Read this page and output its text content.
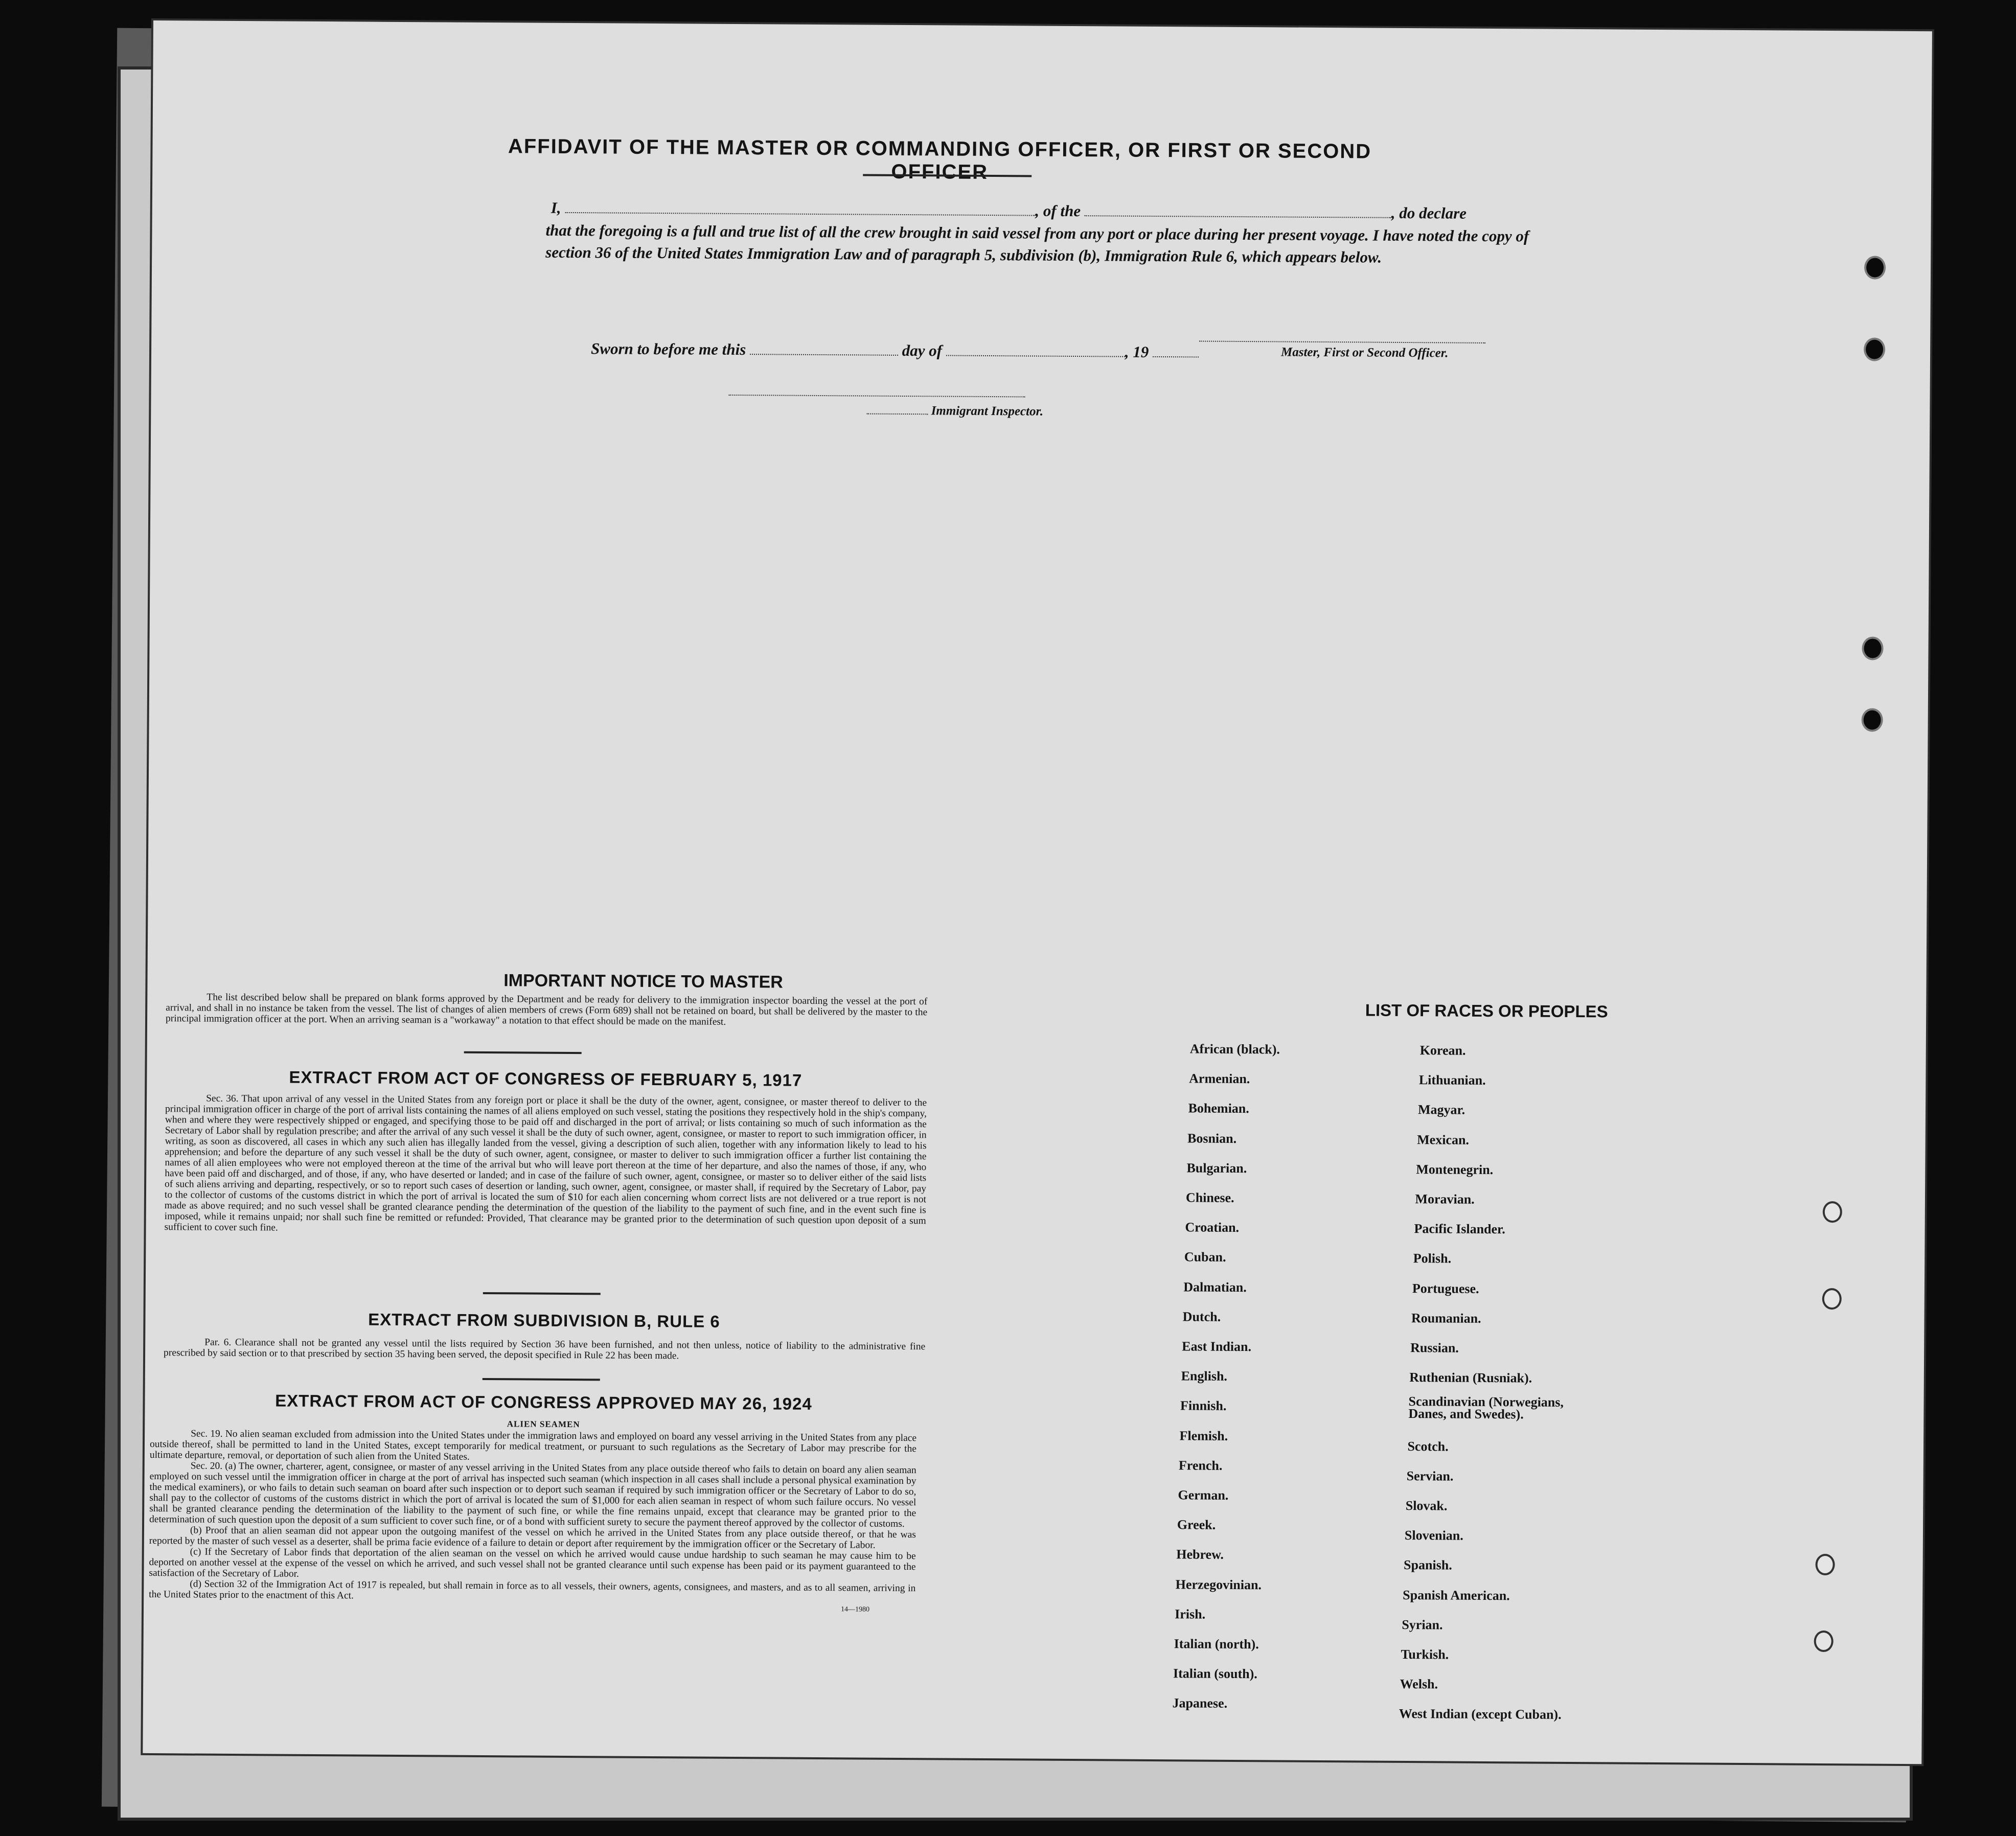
AFFIDAVIT OF THE MASTER OR COMMANDING OFFICER, OR FIRST OR SECOND OFFICER
I,	, of the	, do declare
that the foregoing is a full and true list of all the crew brought in said vessel from any port or place during her present voyage. I have noted the copy of section 36 of the United States Immigration Law and of paragraph 5, subdivision (b), Immigration Rule 6, which appears below.
Master, First or Second Officer.
Sworn to before me this	day of	, 19
Immigrant Inspector.
IMPORTANT NOTICE TO MASTER
The list described below shall be prepared on blank forms approved by the Department and be ready for delivery to the immigration inspector boarding the vessel at the port of arrival, and shall in no instance be taken from the vessel. The list of changes of alien members of crews (Form 689) shall not be retained on board, but shall be delivered by the master to the principal immigration officer at the port. When an arriving seaman is a "workaway" a notation to that effect should be made on the manifest.
EXTRACT FROM ACT OF CONGRESS OF FEBRUARY 5, 1917
Sec. 36. That upon arrival of any vessel in the United States from any foreign port or place it shall be the duty of the owner, agent, consignee, or master thereof to deliver to the principal immigration officer in charge of the port of arrival lists containing the names of all aliens employed on such vessel, stating the positions they respectively hold in the ship's company, when and where they were respectively shipped or engaged, and specifying those to be paid off and discharged in the port of arrival; or lists containing so much of such information as the Secretary of Labor shall by regulation prescribe; and after the arrival of any such vessel it shall be the duty of such owner, agent, consignee, or master to report to such immigration officer, in writing, as soon as discovered, all cases in which any such alien has illegally landed from the vessel, giving a description of such alien, together with any information likely to lead to his apprehension; and before the departure of any such vessel it shall be the duty of such owner, agent, consignee, or master to deliver to such immigration officer a further list containing the names of all alien employees who were not employed thereon at the time of the arrival but who will leave port thereon at the time of her departure, and also the names of those, if any, who have been paid off and discharged, and of those, if any, who have deserted or landed; and in case of the failure of such owner, agent, consignee, or master so to deliver either of the said lists of such aliens arriving and departing, respectively, or so to report such cases of desertion or landing, such owner, agent, consignee, or master shall, if required by the Secretary of Labor, pay to the collector of customs of the customs district in which the port of arrival is located the sum of $10 for each alien concerning whom correct lists are not delivered or a true report is not made as above required; and no such vessel shall be granted clearance pending the determination of the question of the liability to the payment of such fine, and in the event such fine is imposed, while it remains unpaid; nor shall such fine be remitted or refunded: Provided, That clearance may be granted prior to the determination of such question upon deposit of a sum sufficient to cover such fine.
EXTRACT FROM SUBDIVISION B, RULE 6
Par. 6. Clearance shall not be granted any vessel until the lists required by Section 36 have been furnished, and not then unless, notice of liability to the administrative fine prescribed by said section or to that prescribed by section 35 having been served, the deposit specified in Rule 22 has been made.
EXTRACT FROM ACT OF CONGRESS APPROVED MAY 26, 1924
ALIEN SEAMEN
Sec. 19. No alien seaman excluded from admission into the United States under the immigration laws and employed on board any vessel arriving in the United States from any place outside thereof, shall be permitted to land in the United States, except temporarily for medical treatment, or pursuant to such regulations as the Secretary of Labor may prescribe for the ultimate departure, removal, or deportation of such alien from the United States.
Sec. 20. (a) The owner, charterer, agent, consignee, or master of any vessel arriving in the United States from any place outside thereof who fails to detain on board any alien seaman employed on such vessel until the immigration officer in charge at the port of arrival has inspected such seaman (which inspection in all cases shall include a personal physical examination by the medical examiners), or who fails to detain such seaman on board after such inspection or to deport such seaman if required by such immigration officer or the Secretary of Labor to do so, shall pay to the collector of customs of the customs district in which the port of arrival is located the sum of $1,000 for each alien seaman in respect of whom such failure occurs. No vessel shall be granted clearance pending the determination of the liability to the payment of such fine, or while the fine remains unpaid, except that clearance may be granted prior to the determination of such question upon the deposit of a sum sufficient to cover such fine, or of a bond with sufficient surety to secure the payment thereof approved by the collector of customs.
(b) Proof that an alien seaman did not appear upon the outgoing manifest of the vessel on which he arrived in the United States from any place outside thereof, or that he was reported by the master of such vessel as a deserter, shall be prima facie evidence of a failure to detain or deport after requirement by the immigration officer or the Secretary of Labor.
(c) If the Secretary of Labor finds that deportation of the alien seaman on the vessel on which he arrived would cause undue hardship to such seaman he may cause him to be deported on another vessel at the expense of the vessel on which he arrived, and such vessel shall not be granted clearance until such expense has been paid or its payment guaranteed to the satisfaction of the Secretary of Labor.
(d) Section 32 of the Immigration Act of 1917 is repealed, but shall remain in force as to all vessels, their owners, agents, consignees, and masters, and as to all seamen, arriving in the United States prior to the enactment of this Act.
14—1980
LIST OF RACES OR PEOPLES
African (black).
Armenian.
Bohemian.
Bosnian.
Bulgarian.
Chinese.
Croatian.
Cuban.
Dalmatian.
Dutch.
East Indian.
English.
Finnish.
Flemish.
French.
German.
Greek.
Hebrew.
Herzegovinian.
Irish.
Italian (north).
Italian (south).
Japanese.
Korean.
Lithuanian.
Magyar.
Mexican.
Montenegrin.
Moravian.
Pacific Islander.
Polish.
Portuguese.
Roumanian.
Russian.
Ruthenian (Rusniak).
Scandinavian (Norwegians, Danes, and Swedes).
Scotch.
Servian.
Slovak.
Slovenian.
Spanish.
Spanish American.
Syrian.
Turkish.
Welsh.
West Indian (except Cuban).
